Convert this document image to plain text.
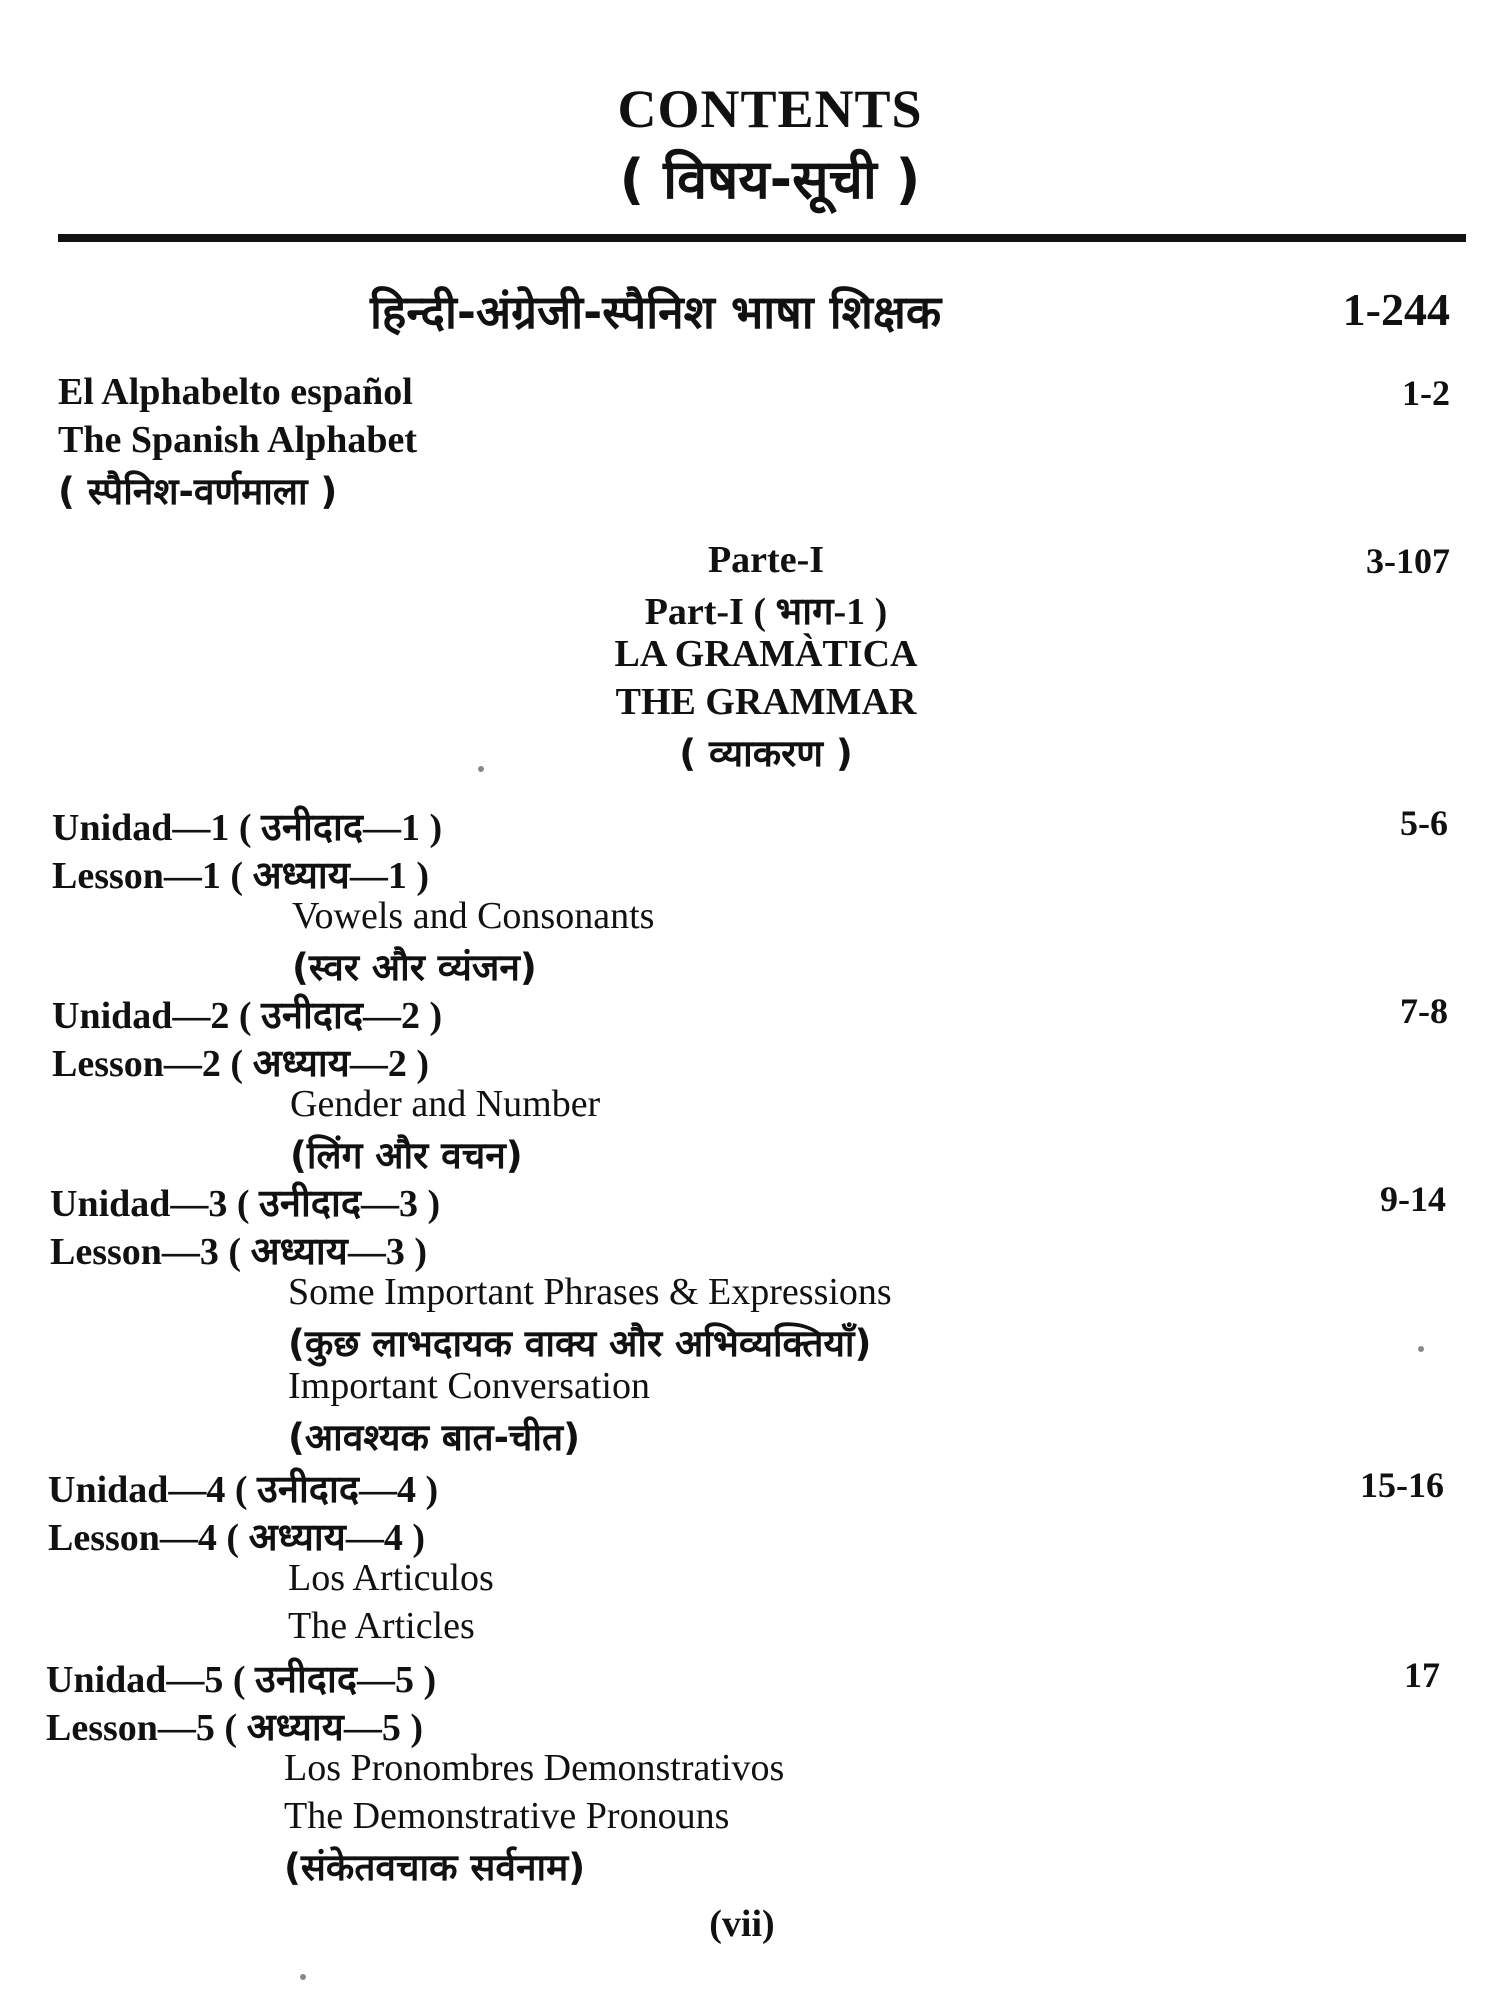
CONTENTS
( विषय-सूची )
हिन्दी-अंग्रेजी-स्पैनिश भाषा शिक्षक	1-244
El Alphabelto español	1-2
The Spanish Alphabet
( स्पैनिश-वर्णमाला )
Parte-I	3-107
Part-I ( भाग-1 )
LA GRAMÀTICA
THE GRAMMAR
( व्याकरण )
Unidad—1 ( उनीदाद—1 )	5-6
Lesson—1 ( अध्याय—1 )
Vowels and Consonants
(स्वर और व्यंजन)
Unidad—2 ( उनीदाद—2 )	7-8
Lesson—2 ( अध्याय—2 )
Gender and Number
(लिंग और वचन)
Unidad—3 ( उनीदाद—3 )	9-14
Lesson—3 ( अध्याय—3 )
Some Important Phrases & Expressions
(कुछ लाभदायक वाक्य और अभिव्यक्तियाँ)
Important Conversation
(आवश्यक बात-चीत)
Unidad—4 ( उनीदाद—4 )	15-16
Lesson—4 ( अध्याय—4 )
Los Articulos
The Articles
Unidad—5 ( उनीदाद—5 )	17
Lesson—5 ( अध्याय—5 )
Los Pronombres Demonstrativos
The Demonstrative Pronouns
(संकेतवचाक सर्वनाम)
(vii)
